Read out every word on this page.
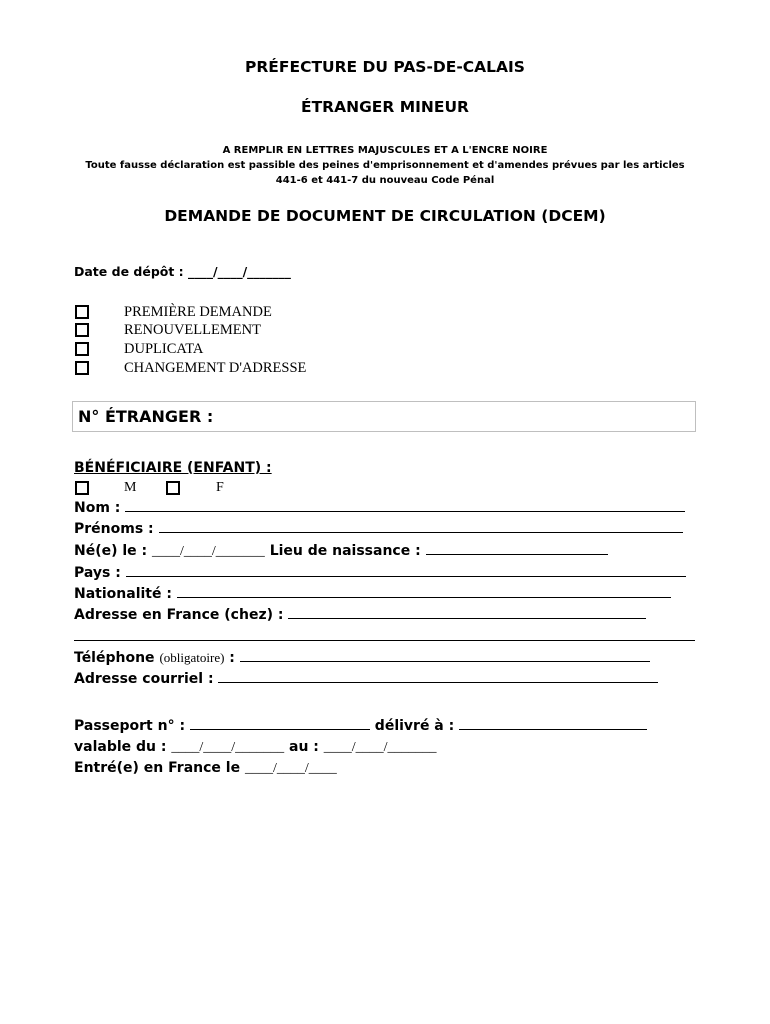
PRÉFECTURE DU PAS-DE-CALAIS
ÉTRANGER MINEUR
A REMPLIR EN LETTRES MAJUSCULES ET A L'ENCRE NOIRE
Toute fausse déclaration est passible des peines d'emprisonnement et d'amendes prévues par les articles
441-6 et 441-7 du nouveau Code Pénal
DEMANDE DE DOCUMENT DE CIRCULATION (DCEM)
Date de dépôt : ____/____/_______
PREMIÈRE DEMANDE
RENOUVELLEMENT
DUPLICATA
CHANGEMENT D'ADRESSE
N° ÉTRANGER :
BÉNÉFICIAIRE (ENFANT) :
M	F
Nom :
Prénoms :
Né(e) le : ____/____/_______ Lieu de naissance :
Pays :
Nationalité :
Adresse en France (chez) :
Téléphone (obligatoire) :
Adresse courriel :
Passeport n° :	délivré à :
valable du : ____/____/_______ au : ____/____/_______
Entré(e) en France le ____/____/____
